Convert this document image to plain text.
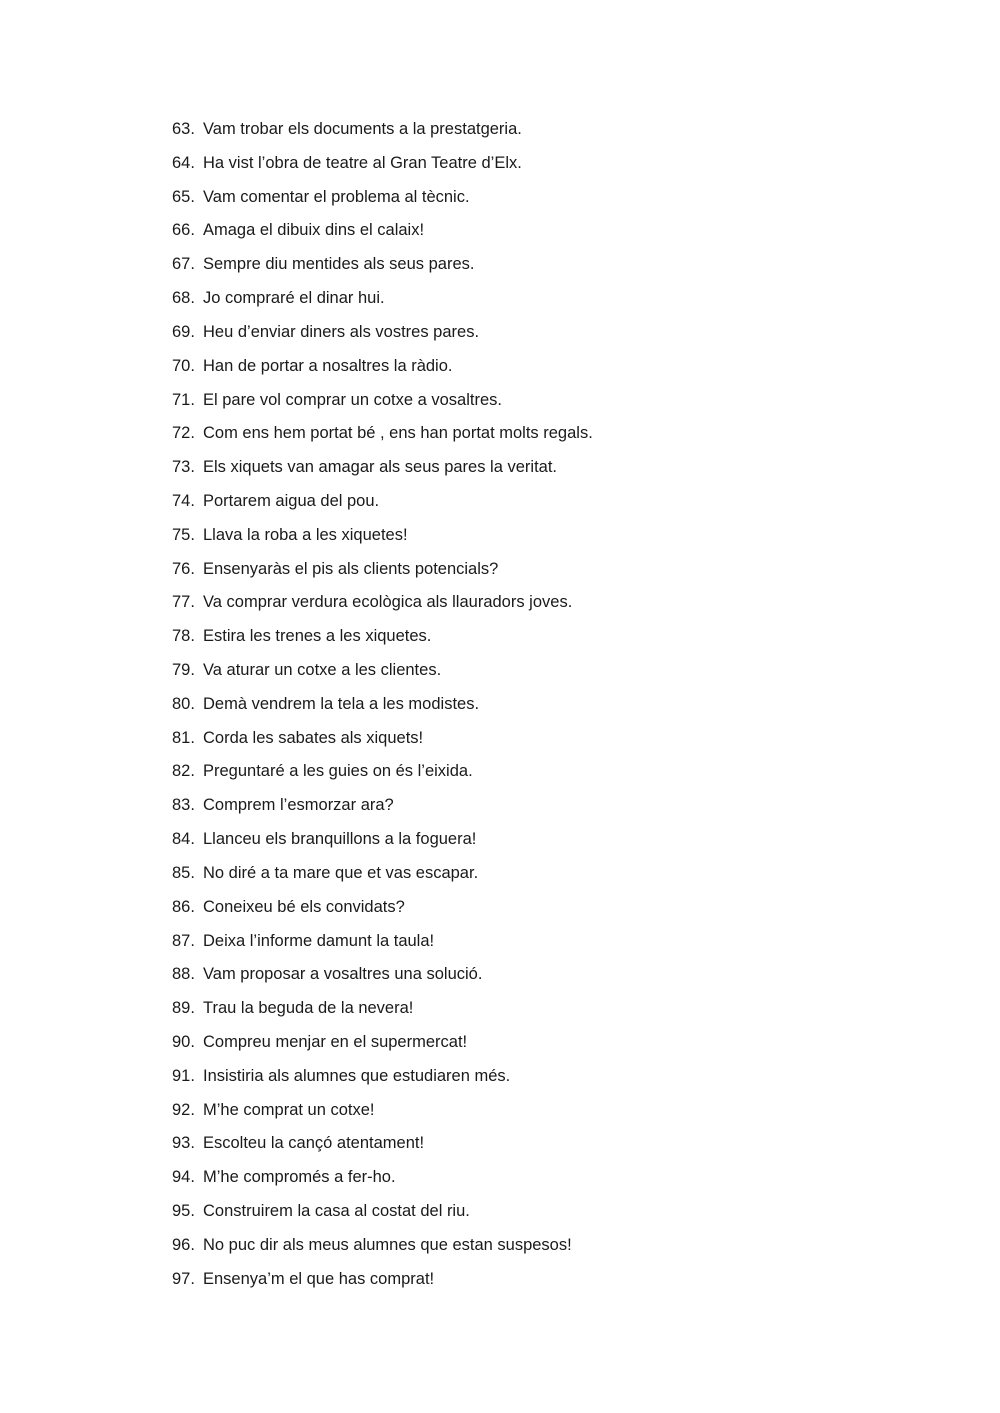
63. Vam trobar els documents a la prestatgeria.
64. Ha vist l’obra de teatre al Gran Teatre d’Elx.
65. Vam comentar el problema al tècnic.
66. Amaga el dibuix dins el calaix!
67. Sempre diu mentides als seus pares.
68. Jo compraré el dinar hui.
69. Heu d’enviar diners als vostres pares.
70. Han de portar a nosaltres la ràdio.
71. El pare vol comprar un cotxe a vosaltres.
72. Com ens hem portat bé , ens han portat molts regals.
73. Els xiquets van amagar als seus pares la veritat.
74. Portarem aigua del pou.
75. Llava la roba a les xiquetes!
76. Ensenyaràs el pis als clients potencials?
77. Va comprar verdura ecològica als llauradors joves.
78. Estira les trenes a les xiquetes.
79. Va aturar un cotxe a les clientes.
80. Demà vendrem la tela a les modistes.
81. Corda les sabates als xiquets!
82. Preguntaré a les guies on és l’eixida.
83. Comprem l’esmorzar ara?
84. Llanceu els branquillons a la foguera!
85. No diré a ta mare que et vas escapar.
86. Coneixeu bé els convidats?
87. Deixa l’informe damunt la taula!
88. Vam proposar a vosaltres una solució.
89. Trau la beguda de la nevera!
90. Compreu menjar en el supermercat!
91. Insistiria als alumnes que estudiaren més.
92. M’he comprat un cotxe!
93. Escolteu la cançó atentament!
94. M’he compromés a fer-ho.
95. Construirem la casa al costat del riu.
96. No puc dir als meus alumnes que estan suspesos!
97. Ensenya’m el que has comprat!
